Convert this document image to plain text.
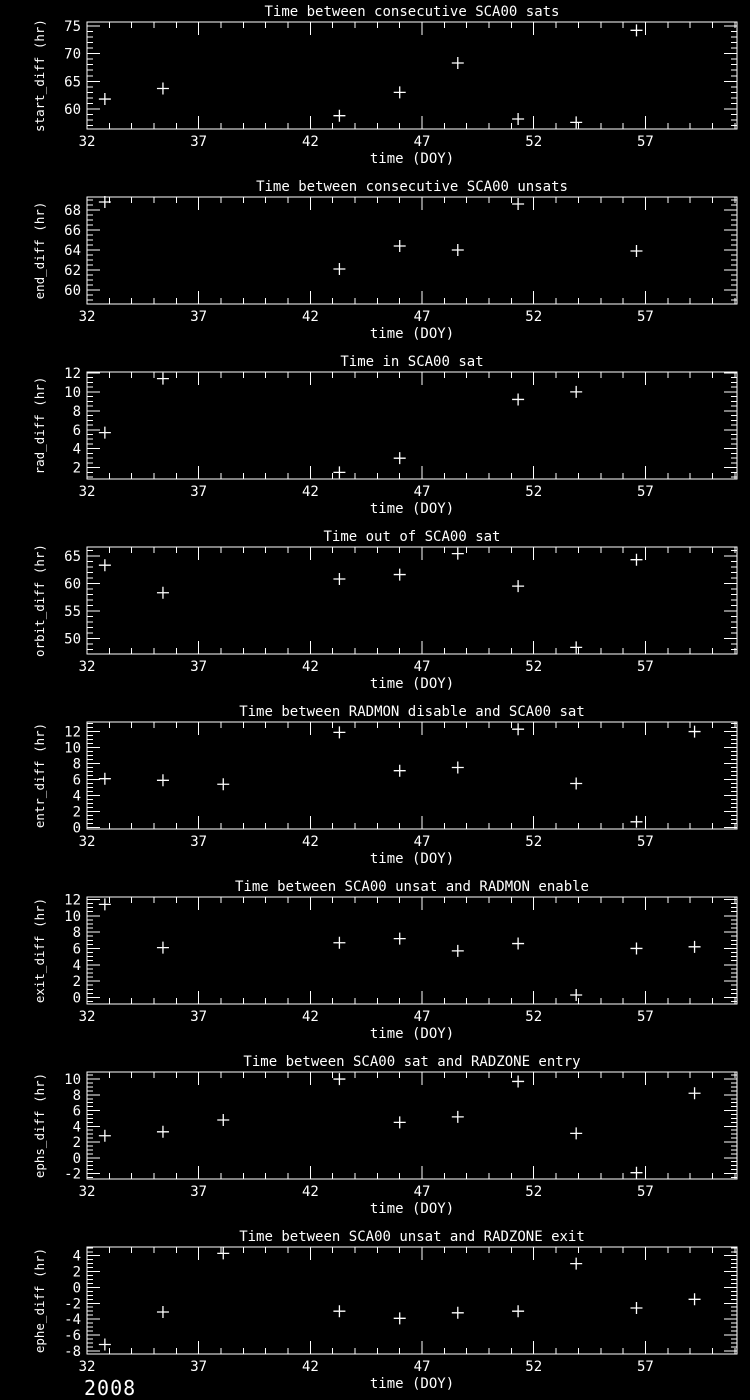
Time between consecutive SCA00 sats
32	37	42	47	52	57
time (DOY)
60
65
70
75
start_diff (hr)
Time between consecutive SCA00 unsats
32	37	42	47	52	57
time (DOY)
60
62
64
66
68
end_diff (hr)
Time in SCA00 sat
32	37	42	47	52	57
time (DOY)
2
4
6
8
10
12
rad_diff (hr)
Time out of SCA00 sat
32	37	42	47	52	57
time (DOY)
50
55
60
65
orbit_diff (hr)
Time between RADMON disable and SCA00 sat
32	37	42	47	52	57
time (DOY)
0
2
4
6
8
10
12
entr_diff (hr)
Time between SCA00 unsat and RADMON enable
32	37	42	47	52	57
time (DOY)
0
2
4
6
8
10
12
exit_diff (hr)
Time between SCA00 sat and RADZONE entry
32	37	42	47	52	57
time (DOY)
-2
0
2
4
6
8
10
ephs_diff (hr)
Time between SCA00 unsat and RADZONE exit
32	37	42	47	52	57
time (DOY)
-8
-6
-4
-2
0
2
4
ephe_diff (hr)
2008
